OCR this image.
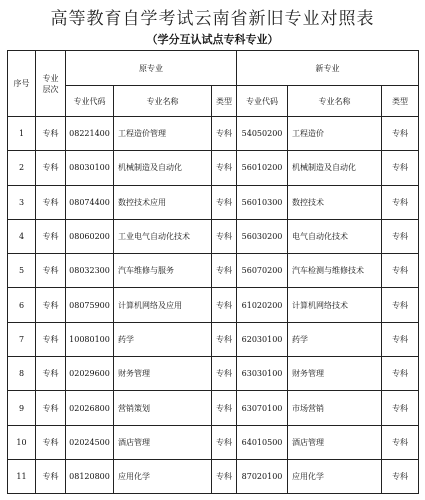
高等教育自学考试云南省新旧专业对照表
（学分互认试点专科专业）
序号	专业
层次	原专业			新专业		
		专业代码	专业名称	类型	专业代码	专业名称	类型
1	专科	08221400	工程造价管理	专科	54050200	工程造价	专科
2	专科	08030100	机械制造及自动化	专科	56010200	机械制造及自动化	专科
3	专科	08074400	数控技术应用	专科	56010300	数控技术	专科
4	专科	08060200	工业电气自动化技术	专科	56030200	电气自动化技术	专科
5	专科	08032300	汽车维修与服务	专科	56070200	汽车检测与维修技术	专科
6	专科	08075900	计算机网络及应用	专科	61020200	计算机网络技术	专科
7	专科	10080100	药学	专科	62030100	药学	专科
8	专科	02029600	财务管理	专科	63030100	财务管理	专科
9	专科	02026800	营销策划	专科	63070100	市场营销	专科
10	专科	02024500	酒店管理	专科	64010500	酒店管理	专科
11	专科	08120800	应用化学	专科	87020100	应用化学	专科
